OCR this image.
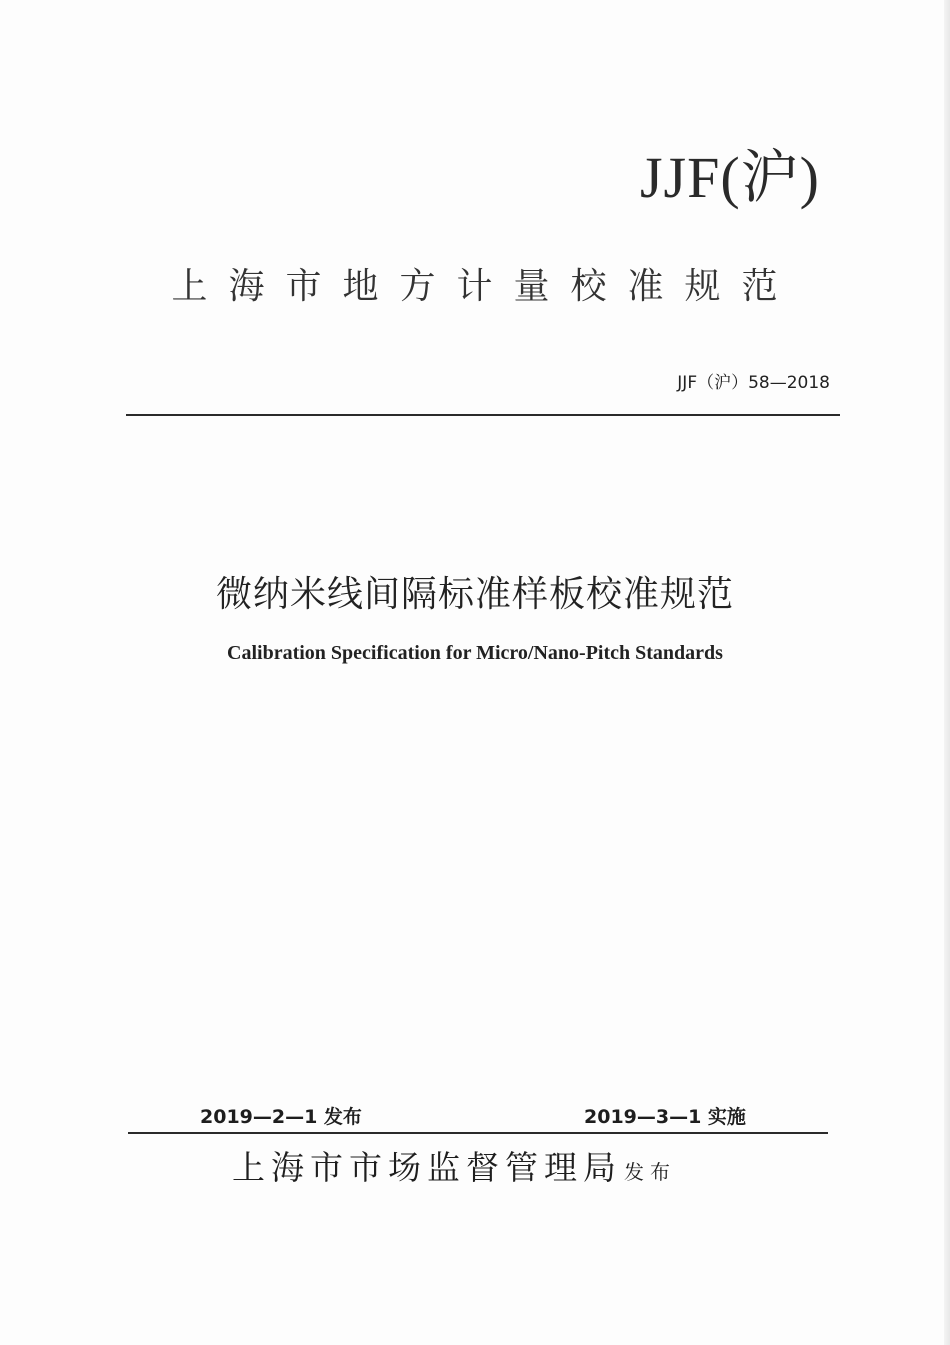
JJF(沪)
上海市地方计量校准规范
JJF（沪）58—2018
微纳米线间隔标准样板校准规范
Calibration Specification for Micro/Nano-Pitch Standards
2019—2—1 发布	2019—3—1 实施
上海市市场监督管理局 发布
